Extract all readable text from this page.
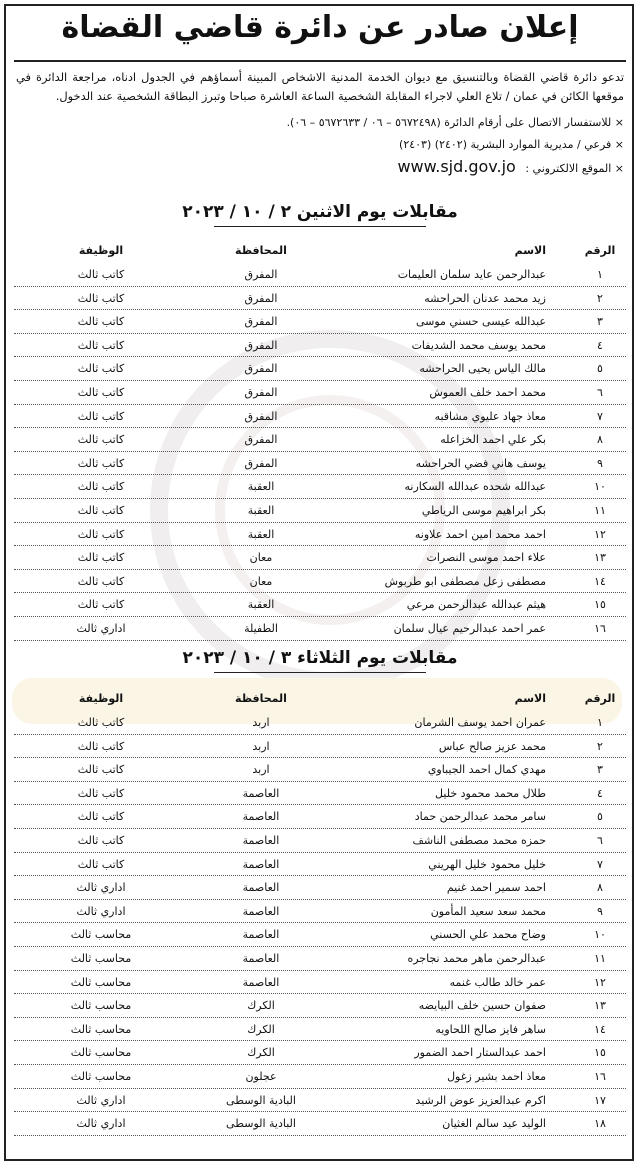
إعلان صادر عن دائرة قاضي القضاة
تدعو دائرة قاضي القضاة وبالتنسيق مع ديوان الخدمة المدنية الاشخاص المبينة أسماؤهم في الجدول ادناه، مراجعة الدائرة في موقعها الكائن في عمان / تلاع العلي لاجراء المقابلة الشخصية الساعة العاشرة صباحا وتبرز البطاقة الشخصية عند الدخول.
× للاستفسار الاتصال على أرقام الدائرة (٥٦٧٢٤٩٨ – ٠٦ / ٥٦٧٢٦٣٣ – ٠٦).
× فرعي / مديرية الموارد البشرية (٢٤٠٢) (٢٤٠٣)
× الموقع الالكتروني : www.sjd.gov.jo
مقابلات يوم الاثنين ٢ / ١٠ / ٢٠٢٣
الرقم
الاسم
المحافظة
الوظيفة
١
عبدالرحمن عايد سلمان العليمات
المفرق
كاتب ثالث
٢
زيد محمد عدنان الحراحشه
المفرق
كاتب ثالث
٣
عبدالله عيسى حسني موسى
المفرق
كاتب ثالث
٤
محمد يوسف محمد الشديفات
المفرق
كاتب ثالث
٥
مالك الياس يحيى الحراحشه
المفرق
كاتب ثالث
٦
محمد احمد خلف العموش
المفرق
كاتب ثالث
٧
معاذ جهاد عليوي مشاقبه
المفرق
كاتب ثالث
٨
بكر علي احمد الخزاعله
المفرق
كاتب ثالث
٩
يوسف هاني فضي الحراحشه
المفرق
كاتب ثالث
١٠
عبدالله شحده عبدالله السكارنه
العقبة
كاتب ثالث
١١
بكر ابراهيم موسى الرياطي
العقبة
كاتب ثالث
١٢
احمد محمد امين احمد علاونه
العقبة
كاتب ثالث
١٣
علاء احمد موسى النصرات
معان
كاتب ثالث
١٤
مصطفى زعل مصطفى ابو طربوش
معان
كاتب ثالث
١٥
هيثم عبدالله عبدالرحمن مرعي
العقبة
كاتب ثالث
١٦
عمر احمد عبدالرحيم عيال سلمان
الطفيلة
اداري ثالث
مقابلات يوم الثلاثاء ٣ / ١٠ / ٢٠٢٣
الرقم
الاسم
المحافظة
الوظيفة
١
عمران احمد يوسف الشرمان
اربد
كاتب ثالث
٢
محمد عزيز صالح عباس
اربد
كاتب ثالث
٣
مهدي كمال احمد الجيباوي
اربد
كاتب ثالث
٤
طلال محمد محمود خليل
العاصمة
كاتب ثالث
٥
سامر محمد عبدالرحمن حماد
العاصمة
كاتب ثالث
٦
حمزه محمد مصطفى الناشف
العاصمة
كاتب ثالث
٧
خليل محمود خليل الهريني
العاصمة
كاتب ثالث
٨
احمد سمير احمد غنيم
العاصمة
اداري ثالث
٩
محمد سعد سعيد المأمون
العاصمة
اداري ثالث
١٠
وضاح محمد علي الحسني
العاصمة
محاسب ثالث
١١
عبدالرحمن ماهر محمد نجاجره
العاصمة
محاسب ثالث
١٢
عمر خالد طالب غنمه
العاصمة
محاسب ثالث
١٣
صفوان حسين خلف البيايضه
الكرك
محاسب ثالث
١٤
ساهر فايز صالح اللحاويه
الكرك
محاسب ثالث
١٥
احمد عبدالستار احمد الضمور
الكرك
محاسب ثالث
١٦
معاذ احمد بشير زغول
عجلون
محاسب ثالث
١٧
اكرم عبدالعزيز عوض الرشيد
البادية الوسطى
اداري ثالث
١٨
الوليد عيد سالم الغثيان
البادية الوسطى
اداري ثالث
